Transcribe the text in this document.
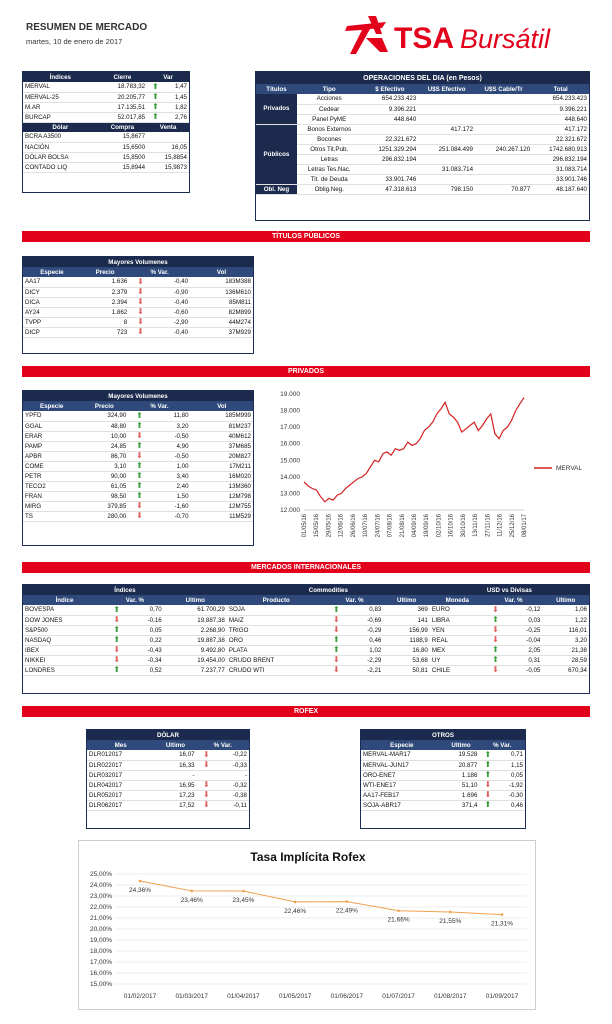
RESUMEN DE MERCADO
martes, 10 de enero de 2017	TSA Bursátil
Índices	Cierre	Var	
MERVAL	18.783,32	⬆	1,47
MERVAL-25	20.205,77	⬆	1,45
M.AR	17.135,51	⬆	1,82
BURCAP	52.017,85	⬆	2,76
Dólar	Compra	Venta	
BCRA A3500	15,8677		
NACIÓN	15,6500	16,05	
DÓLAR BOLSA	15,8500	15,8854	
CONTADO LIQ	15,8944	15,9873	
OPERACIONES DEL DIA (en Pesos)					
Títulos	Tipo	$ Efectivo	U$S Efectivo	U$S Cable/Tr	Total
Privados	Acciones	654.233.423			654.233.423
	Cedear	9.396.221			9.396.221
	Panel PyME	448.640			448.640
Públicos	Bonos Externos		417.172		417.172
	Bocones	22.321.672			22.321.672
	Otros Tit.Pub.	1251.329.294	251.084.499	240.267.120	1742.680.913
	Letras	296.832.194			296.832.194
	Letras Tes.Nac.		31.083.714		31.083.714
	Tit. de Deuda	33.901.746			33.901.746
Obl. Neg	Oblig.Neg.	47.318.613	798.150	70.877	48.187.640
TÍTULOS PÚBLICOS
Mayores Volumenes				
Especie	Precio	% Var.		Vol
AA17	1.636	⬇	-0,40	183M388
DICY	2.379	⬇	-0,90	136M610
DICA	2.394	⬇	-0,40	85M811
AY24	1.862	⬇	-0,60	82M899
TVPP	8	⬇	-2,90	44M274
DICP	723	⬇	-0,40	37M929
PRIVADOS
Mayores Volumenes				
Especie	Precio	% Var.		Vol
YPFD	324,90	⬆	11,80	185M999
GGAL	48,80	⬆	3,20	81M237
ERAR	10,00	⬇	-0,50	40M612
PAMP	24,85	⬆	4,90	37M685
APBR	86,70	⬇	-0,50	20M827
COME	3,10	⬆	1,00	17M211
PETR	90,00	⬆	3,40	16M020
TECO2	61,05	⬆	2,40	13M360
FRAN	98,50	⬆	1,50	12M798
MIRG	379,85	⬇	-1,60	12M755
TS	280,00	⬇	-0,70	11M529
12.000
13.000
14.000
15.000
16.000
17.000
18.000
19.000
01/05/16 15/05/16 29/05/16 12/06/16 26/06/16 10/07/16 24/07/16 07/08/16 21/08/16 04/09/16 18/09/16 02/10/16 16/10/16 30/10/16 13/11/16 27/11/16 11/12/16 25/12/16 08/01/17
MERVAL
MERCADOS INTERNACIONALES
Índices				Commodities				USD vs Divisas			
Índice	Var. %		Ultimo	Producto	Var. %		Ultimo	Moneda	Var. %		Ultimo
BOVESPA	⬆	0,70	61.700,29	SOJA	⬆	0,83	369	EURO	⬇	-0,12	1,06
DOW JONES	⬇	-0,16	19.887,38	MAIZ	⬇	-0,69	141	LIBRA	⬆	0,03	1,22
S&P500	⬆	0,05	2.268,90	TRIGO	⬇	-0,29	156,99	YEN	⬇	-0,25	116,01
NASDAQ	⬆	0,22	19.887,38	ORO	⬆	0,46	1188,9	REAL	⬇	-0,04	3,20
IBEX	⬇	-0,43	9.492,80	PLATA	⬆	1,02	16,80	MEX	⬆	2,05	21,38
NIKKEI	⬇	-0,34	19.454,00	CRUDO BRENT	⬇	-2,29	53,68	UY	⬆	0,31	28,59
LONDRES	⬆	0,52	7.237,77	CRUDO WTI	⬇	-2,21	50,81	CHILE	⬇	-0,05	670,34
ROFEX
DÓLAR			
Mes	Ultimo	% Var.	
DLR012017	16,07	⬇	-0,22
DLR022017	16,33	⬇	-0,33
DLR032017	-		-
DLR042017	16,95	⬇	-0,32
DLR052017	17,23	⬇	-0,38
DLR062017	17,52	⬇	-0,11
OTROS			
Especie	Ultimo	% Var.	
MERVAL-MAR17	19.528	⬆	0,71
MERVAL-JUN17	20.877	⬆	1,15
ORO-ENE7	1.186	⬆	0,05
WTI-ENE17	51,10	⬇	-1,92
AA17-FEB17	1.696	⬇	-0,30
SOJA-ABR17	371,4	⬆	0,46
Tasa Implícita Rofex
15,00%
16,00%
17,00%
18,00%
19,00%
20,00%
21,00%
22,00%
23,00%
24,00%
25,00%
24,36%
01/02/2017
23,46%
01/03/2017
23,45%
01/04/2017
22,46%
01/05/2017
22,49%
01/06/2017
21,66%
01/07/2017
21,55%
01/08/2017
21,31%
01/09/2017
